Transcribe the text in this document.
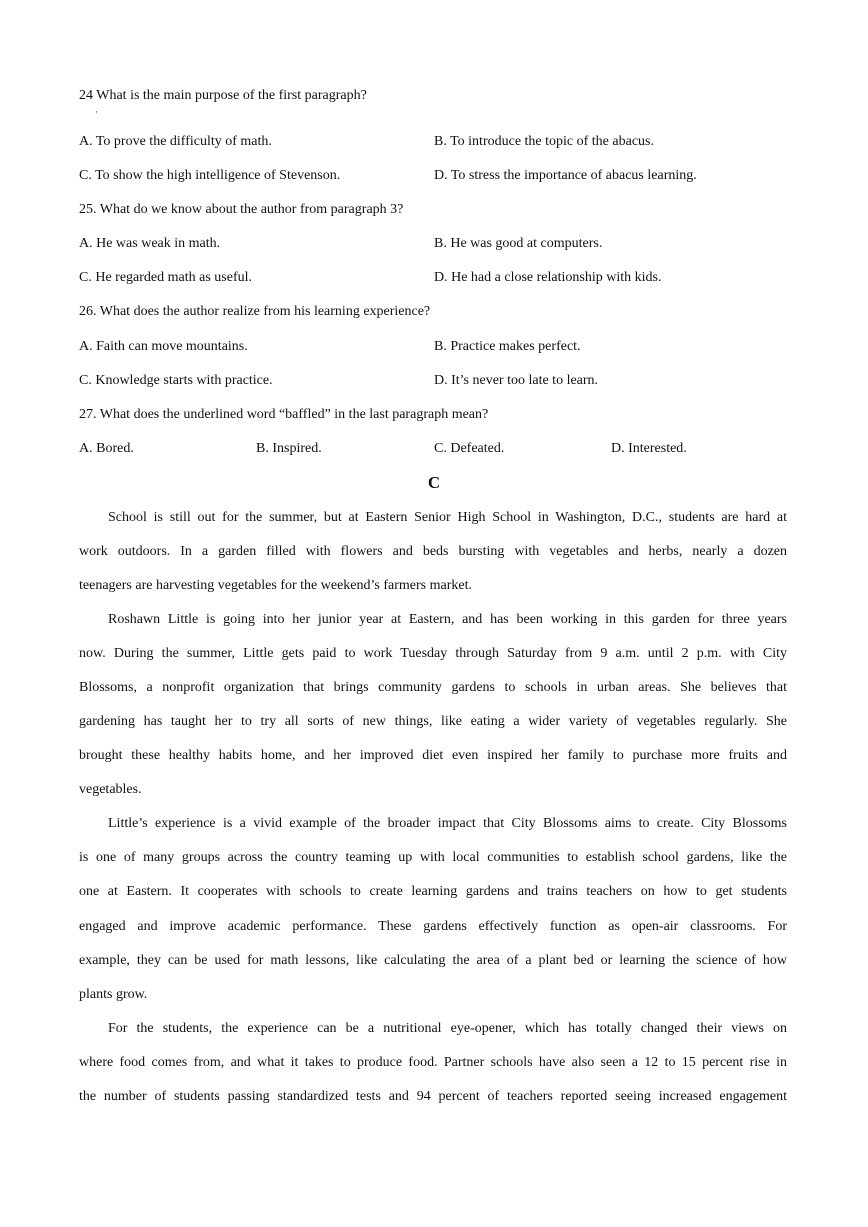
24 What is the main purpose of the first paragraph?
·
A. To prove the difficulty of math.	B. To introduce the topic of the abacus.
C. To show the high intelligence of Stevenson.	D. To stress the importance of abacus learning.
25. What do we know about the author from paragraph 3?
A. He was weak in math.	B. He was good at computers.
C. He regarded math as useful.	D. He had a close relationship with kids.
26. What does the author realize from his learning experience?
A. Faith can move mountains.	B. Practice makes perfect.
C. Knowledge starts with practice.	D. It’s never too late to learn.
27. What does the underlined word “baffled” in the last paragraph mean?
A. Bored.	B. Inspired.	C. Defeated.	D. Interested.
C
School is still out for the summer, but at Eastern Senior High School in Washington, D.C., students are hard at
work outdoors. In a garden filled with flowers and beds bursting with vegetables and herbs, nearly a dozen
teenagers are harvesting vegetables for the weekend’s farmers market.
Roshawn Little is going into her junior year at Eastern, and has been working in this garden for three years
now. During the summer, Little gets paid to work Tuesday through Saturday from 9 a.m. until 2 p.m. with City
Blossoms, a nonprofit organization that brings community gardens to schools in urban areas. She believes that
gardening has taught her to try all sorts of new things, like eating a wider variety of vegetables regularly. She
brought these healthy habits home, and her improved diet even inspired her family to purchase more fruits and
vegetables.
Little’s experience is a vivid example of the broader impact that City Blossoms aims to create. City Blossoms
is one of many groups across the country teaming up with local communities to establish school gardens, like the
one at Eastern. It cooperates with schools to create learning gardens and trains teachers on how to get students
engaged and improve academic performance. These gardens effectively function as open-air classrooms. For
example, they can be used for math lessons, like calculating the area of a plant bed or learning the science of how
plants grow.
For the students, the experience can be a nutritional eye-opener, which has totally changed their views on
where food comes from, and what it takes to produce food. Partner schools have also seen a 12 to 15 percent rise in
the number of students passing standardized tests and 94 percent of teachers reported seeing increased engagement
